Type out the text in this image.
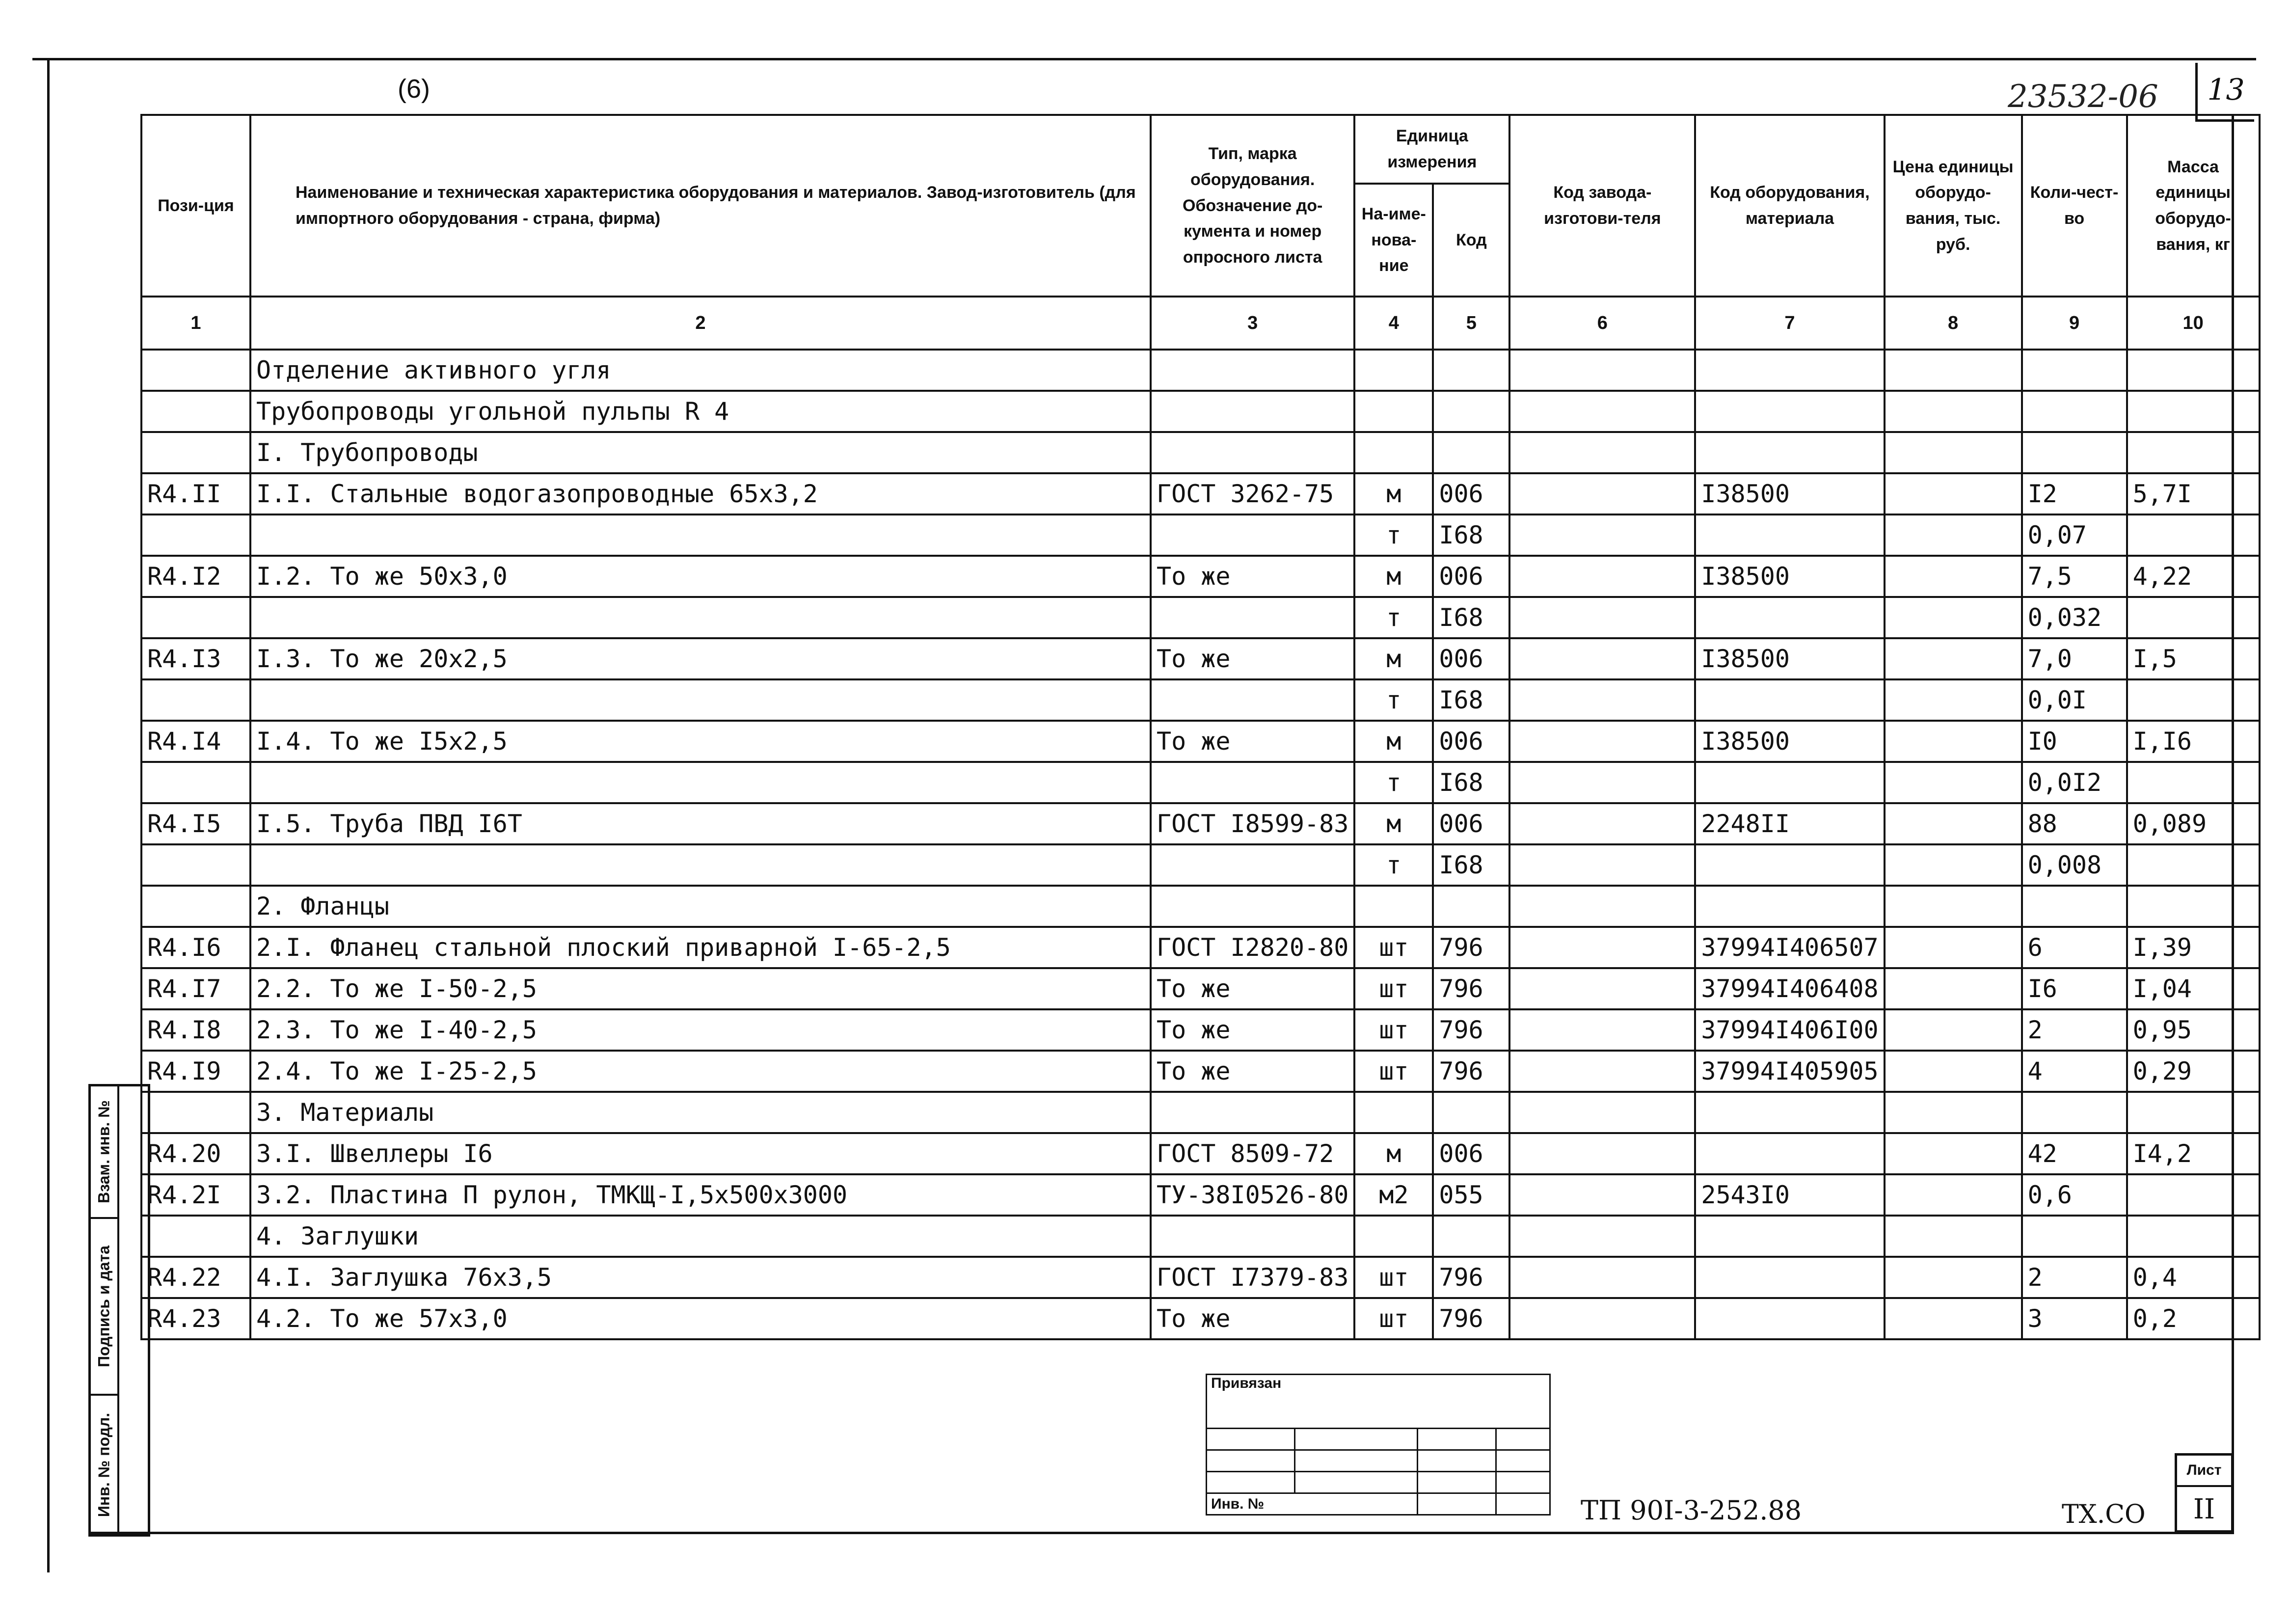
(6)	23532-06	13
Пози-ция	Наименование и техническая характеристика оборудования и материалов. Завод-изготовитель (для импортного оборудования - страна, фирма)	Тип, марка оборудования. Обозначение до-кумента и номер опросного листа	Единица измерения		Код завода-изготови-теля	Код оборудования, материала	Цена единицы оборудо-вания, тыс. руб.	Коли-чест-во	Масса единицы оборудо-вания, кг
			На-име-нова-ние	Код					
1	2	3	4	5	6	7	8	9	10
	Отделение активного угля								
	Трубопроводы угольной пульпы R 4								
	I. Трубопроводы								
R4.II	I.I. Стальные водогазопроводные 65x3,2	ГОСТ 3262-75	м	006		I38500		I2	5,7I
			т	I68				0,07	
R4.I2	I.2. То же 50x3,0	То же	м	006		I38500		7,5	4,22
			т	I68				0,032	
R4.I3	I.3. То же 20x2,5	То же	м	006		I38500		7,0	I,5
			т	I68				0,0I	
R4.I4	I.4. То же I5x2,5	То же	м	006		I38500		I0	I,I6
			т	I68				0,0I2	
R4.I5	I.5. Труба ПВД I6T	ГОСТ I8599-83	м	006		2248II		88	0,089
			т	I68				0,008	
	2. Фланцы								
R4.I6	2.I. Фланец стальной плоский приварной I-65-2,5	ГОСТ I2820-80	шт	796		37994I406507		6	I,39
R4.I7	2.2. То же I-50-2,5	То же	шт	796		37994I406408		I6	I,04
R4.I8	2.3. То же I-40-2,5	То же	шт	796		37994I406I00		2	0,95
R4.I9	2.4. То же I-25-2,5	То же	шт	796		37994I405905		4	0,29
	3. Материалы								
R4.20	3.I. Швеллеры I6	ГОСТ 8509-72	м	006				42	I4,2
R4.2I	3.2. Пластина П рулон, ТМКЩ-I,5x500x3000	ТУ-38I0526-80	м2	055		2543I0		0,6	
	4. Заглушки								
R4.22	4.I. Заглушка 76x3,5	ГОСТ I7379-83	шт	796				2	0,4
R4.23	4.2. То же 57x3,0	То же	шт	796				3	0,2
Взам. инв. №
Подпись и дата
Инв. № подл.
Привязан			

Инв. №				ТП 90I-3-252.88	ТХ.СО
Лист
II
